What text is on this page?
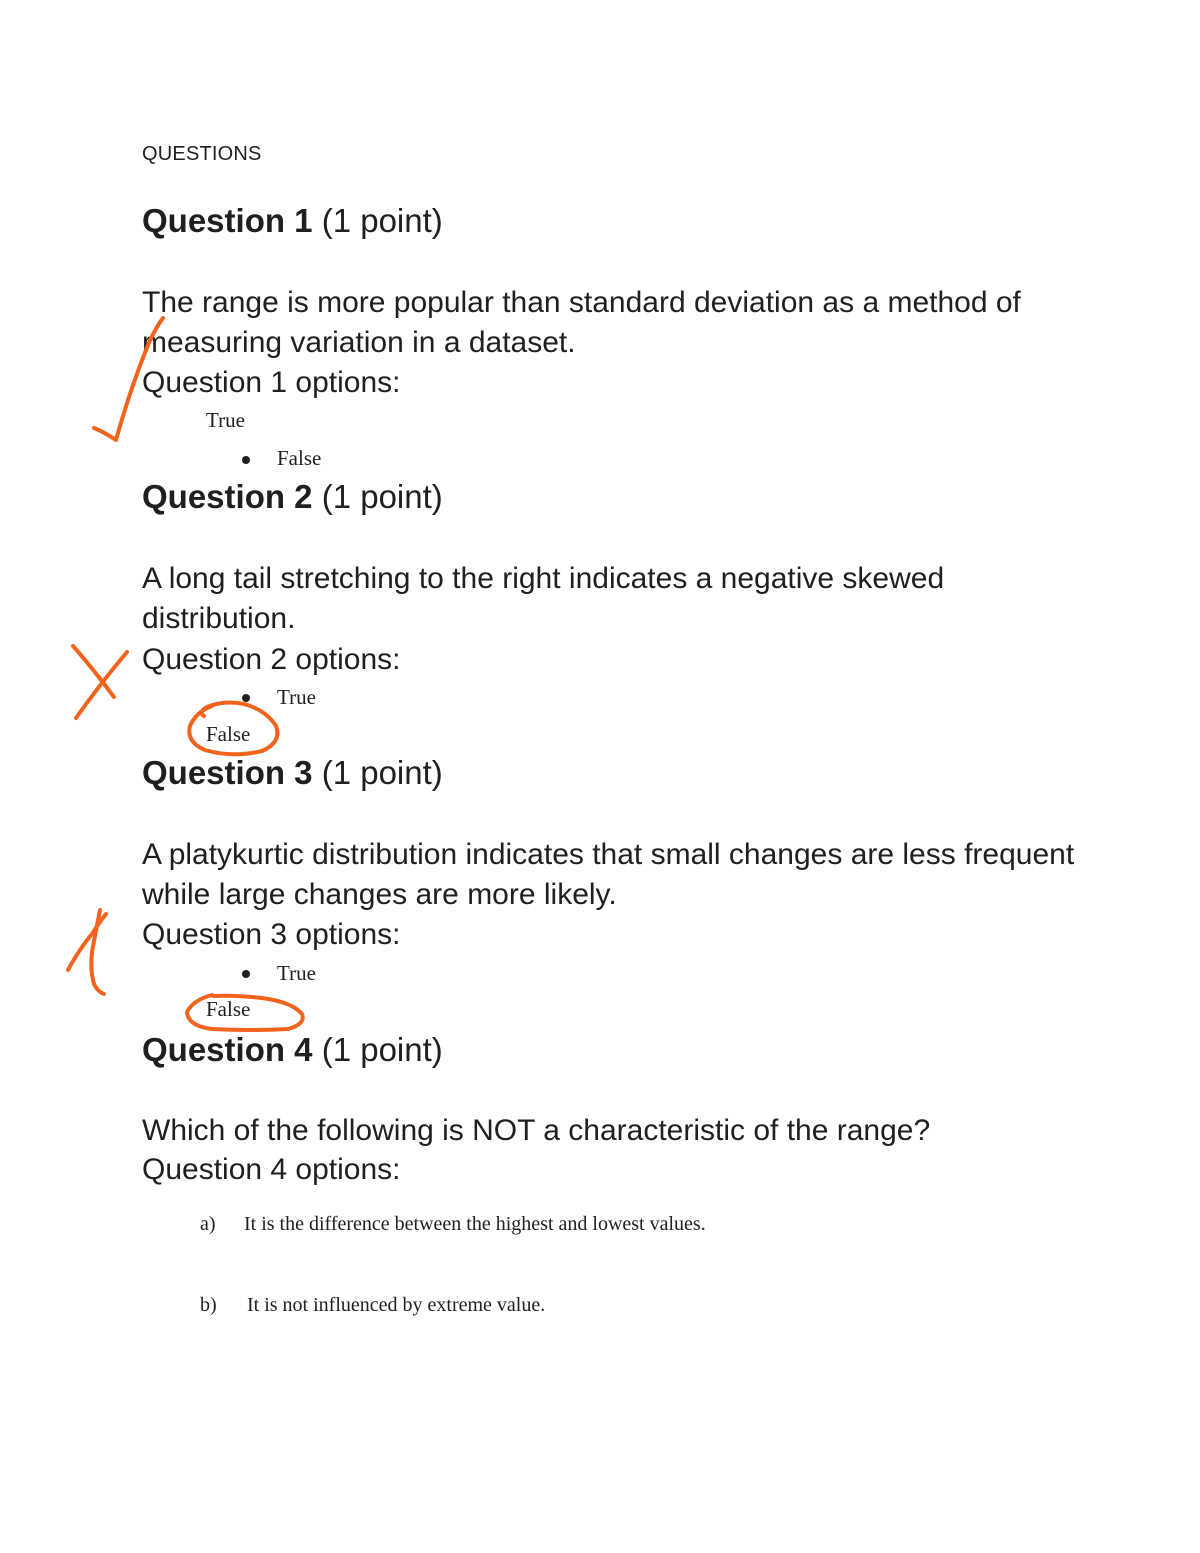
QUESTIONS
Question 1 (1 point)
The range is more popular than standard deviation as a method of measuring variation in a dataset.
Question 1 options:
True
False
Question 2 (1 point)
A long tail stretching to the right indicates a negative skewed distribution.
Question 2 options:
True
False
Question 3 (1 point)
A platykurtic distribution indicates that small changes are less frequent while large changes are more likely.
Question 3 options:
True
False
Question 4 (1 point)
Which of the following is NOT a characteristic of the range?
Question 4 options:
a) It is the difference between the highest and lowest values.
b) It is not influenced by extreme value.
